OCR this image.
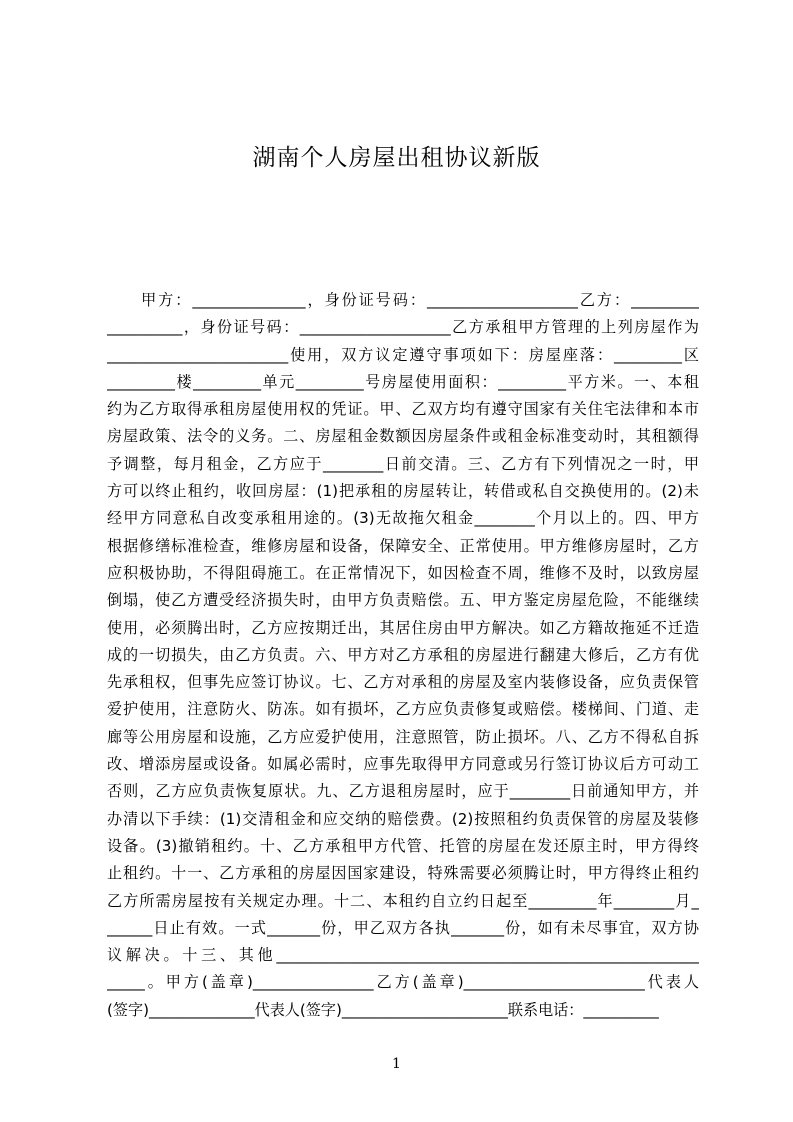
湖南个人房屋出租协议新版
　　甲方：_______________，身份证号码：____________________乙方：_________
__________，身份证号码：____________________乙方承租甲方管理的上列房屋作为
________________________使用，双方议定遵守事项如下：房屋座落：_________区
_________楼_________单元_________号房屋使用面积：_________平方米。一、本租
约为乙方取得承租房屋使用权的凭证。甲、乙双方均有遵守国家有关住宅法律和本市
房屋政策、法令的义务。二、房屋租金数额因房屋条件或租金标准变动时，其租额得
予调整，每月租金，乙方应于________日前交清。三、乙方有下列情况之一时，甲
方可以终止租约，收回房屋：(1)把承租的房屋转让，转借或私自交换使用的。(2)未
经甲方同意私自改变承租用途的。(3)无故拖欠租金________个月以上的。四、甲方
根据修缮标准检查，维修房屋和设备，保障安全、正常使用。甲方维修房屋时，乙方
应积极协助，不得阻碍施工。在正常情况下，如因检查不周，维修不及时，以致房屋
倒塌，使乙方遭受经济损失时，由甲方负责赔偿。五、甲方鉴定房屋危险，不能继续
使用，必须腾出时，乙方应按期迁出，其居住房由甲方解决。如乙方籍故拖延不迁造
成的一切损失，由乙方负责。六、甲方对乙方承租的房屋进行翻建大修后，乙方有优
先承租权，但事先应签订协议。七、乙方对承租的房屋及室内装修设备，应负责保管
爱护使用，注意防火、防冻。如有损坏，乙方应负责修复或赔偿。楼梯间、门道、走
廊等公用房屋和设施，乙方应爱护使用，注意照管，防止损坏。八、乙方不得私自拆
改、增添房屋或设备。如属必需时，应事先取得甲方同意或另行签订协议后方可动工
否则，乙方应负责恢复原状。九、乙方退租房屋时，应于________日前通知甲方，并
办清以下手续：(1)交清租金和应交纳的赔偿费。(2)按照租约负责保管的房屋及装修
设备。(3)撤销租约。十、乙方承租甲方代管、托管的房屋在发还原主时，甲方得终
止租约。十一、乙方承租的房屋因国家建设，特殊需要必须腾让时，甲方得终止租约
乙方所需房屋按有关规定办理。十二、本租约自立约日起至_________年________月_
______日止有效。一式_______份，甲乙双方各执_______份，如有未尽事宜，双方协
议解决。十三、其他________________________________________________________
_____。甲方(盖章)________________乙方(盖章)________________________代表人
(签字)______________代表人(签字)______________________联系电话：__________
1
